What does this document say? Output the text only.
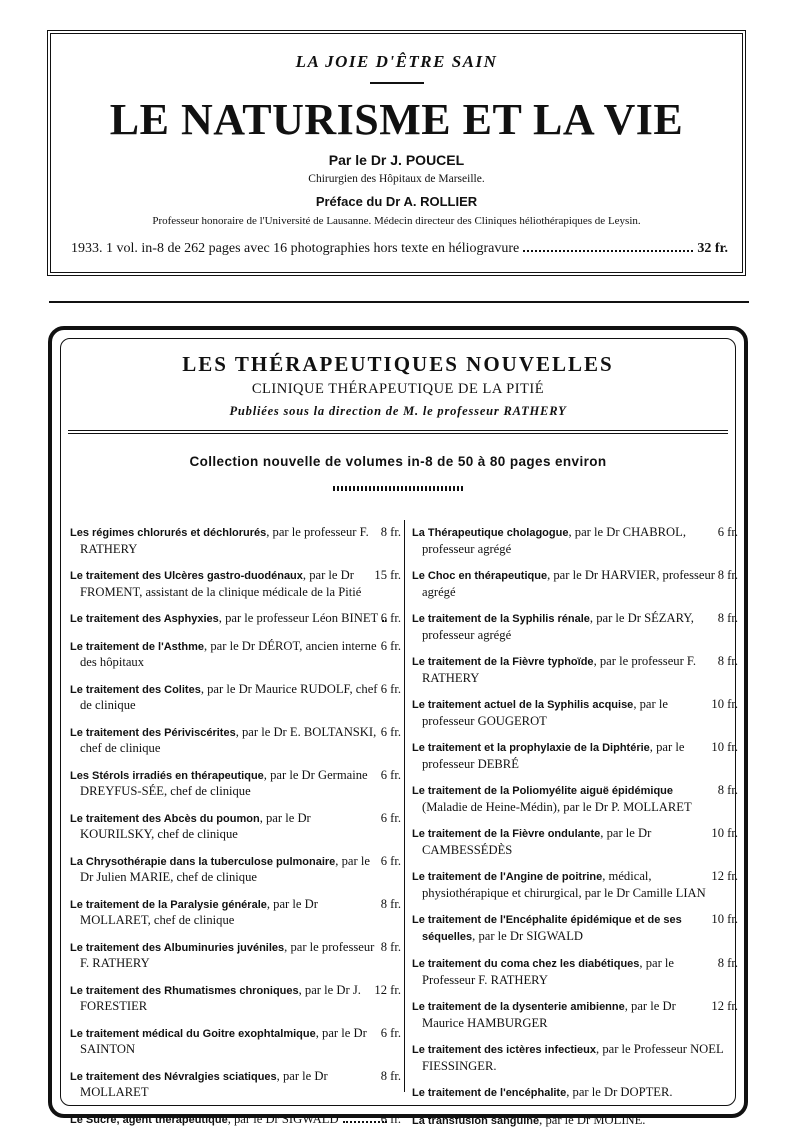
LA JOIE D'ÊTRE SAIN
LE NATURISME ET LA VIE
Par le Dr J. POUCEL
Chirurgien des Hôpitaux de Marseille.
Préface du Dr A. ROLLIER
Professeur honoraire de l'Université de Lausanne. Médecin directeur des Cliniques héliothérapiques de Leysin.
1933. 1 vol. in-8 de 262 pages avec 16 photographies hors texte en héliogravure	32 fr.
LES THÉRAPEUTIQUES NOUVELLES
CLINIQUE THÉRAPEUTIQUE DE LA PITIÉ
Publiées sous la direction de M. le professeur RATHERY
Collection nouvelle de volumes in-8 de 50 à 80 pages environ
Les régimes chlorurés et déchlorurés, par le professeur F. RATHERY
8 fr.
Le traitement des Ulcères gastro-duodénaux, par le Dr FROMENT, assistant de la clinique médicale de la Pitié
15 fr.
Le traitement des Asphyxies, par le professeur Léon BINET 6 fr.
Le traitement de l'Asthme, par le Dr DÉROT, ancien interne des hôpitaux
6 fr.
Le traitement des Colites, par le Dr Maurice RUDOLF, chef de clinique
6 fr.
Le traitement des Périviscérites, par le Dr E. BOLTANSKI, chef de clinique
6 fr.
Les Stérols irradiés en thérapeutique, par le Dr Germaine DREYFUS-SÉE, chef de clinique
6 fr.
Le traitement des Abcès du poumon, par le Dr KOURILSKY, chef de clinique
6 fr.
La Chrysothérapie dans la tuberculose pulmonaire, par le Dr Julien MARIE, chef de clinique
6 fr.
Le traitement de la Paralysie générale, par le Dr MOLLARET, chef de clinique
8 fr.
Le traitement des Albuminuries juvéniles, par le professeur F. RATHERY
8 fr.
Le traitement des Rhumatismes chroniques, par le Dr J. FORESTIER
12 fr.
Le traitement médical du Goitre exophtalmique, par le Dr SAINTON
6 fr.
Le traitement des Névralgies sciatiques, par le Dr MOLLARET
8 fr.
Le Sucre, agent thérapeutique, par le Dr SIGWALD	6 fr.
La Thérapeutique cholagogue, par le Dr CHABROL, professeur agrégé
6 fr.
Le Choc en thérapeutique, par le Dr HARVIER, professeur agrégé
8 fr.
Le traitement de la Syphilis rénale, par le Dr SÉZARY, professeur agrégé
8 fr.
Le traitement de la Fièvre typhoïde, par le professeur F. RATHERY
8 fr.
Le traitement actuel de la Syphilis acquise, par le professeur GOUGEROT
10 fr.
Le traitement et la prophylaxie de la Diphtérie, par le professeur DEBRÉ
10 fr.
Le traitement de la Poliomyélite aiguë épidémique (Maladie de Heine-Médin), par le Dr P. MOLLARET
8 fr.
Le traitement de la Fièvre ondulante, par le Dr CAMBESSÉDÈS
10 fr.
Le traitement de l'Angine de poitrine, médical, physiothérapique et chirurgical, par le Dr Camille LIAN
12 fr.
Le traitement de l'Encéphalite épidémique et de ses séquelles, par le Dr SIGWALD
10 fr.
Le traitement du coma chez les diabétiques, par le Professeur F. RATHERY
8 fr.
Le traitement de la dysenterie amibienne, par le Dr Maurice HAMBURGER
12 fr.
Le traitement des ictères infectieux, par le Professeur NOEL FIESSINGER.
Le traitement de l'encéphalite, par le Dr DOPTER.
La transfusion sanguine, par le Dr MOLINE.
